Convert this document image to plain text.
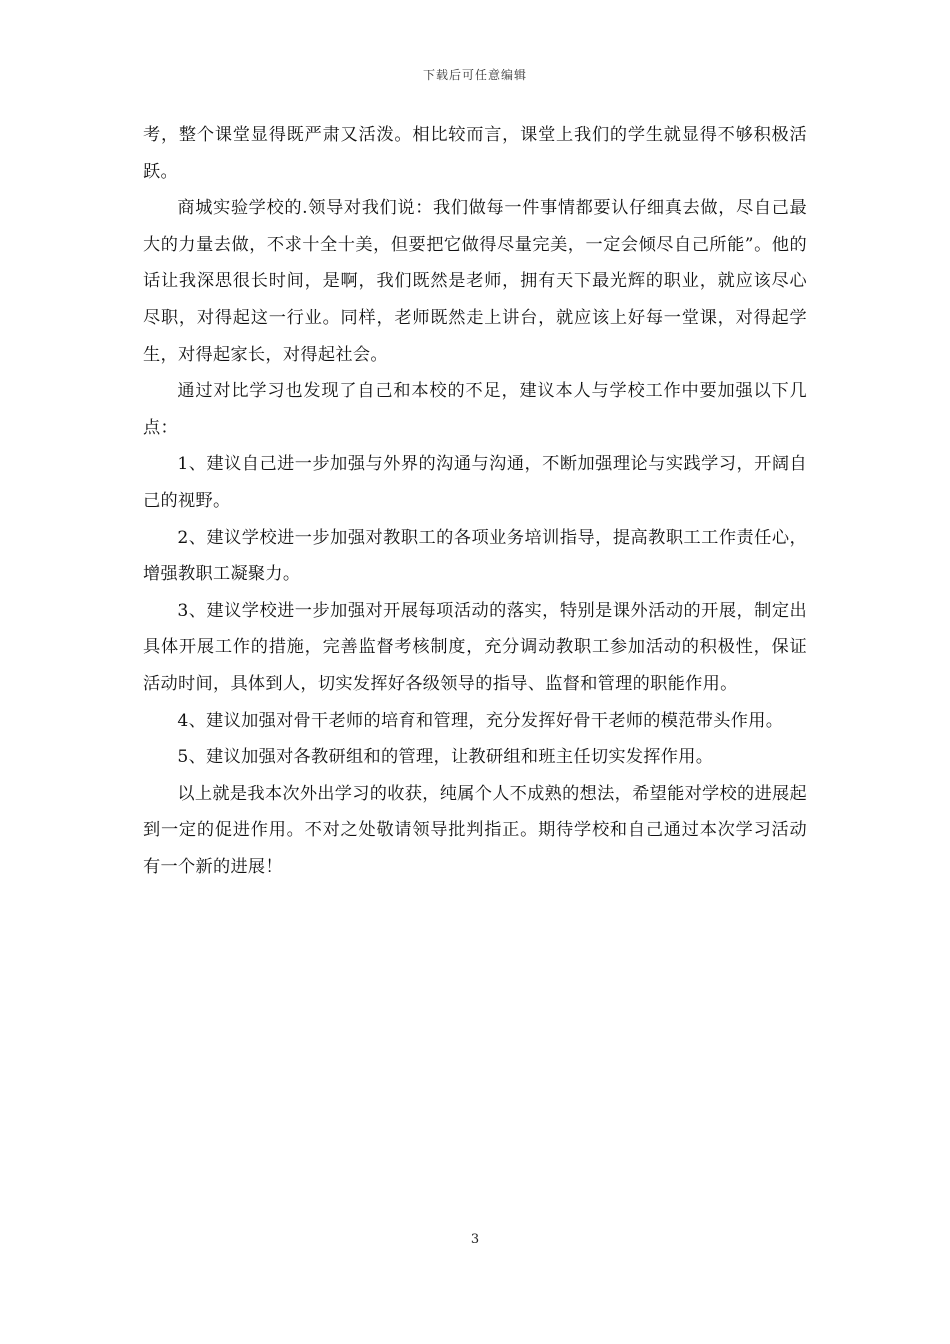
下载后可任意编辑

考，整个课堂显得既严肃又活泼。相比较而言，课堂上我们的学生就显得不够积极活跃。

商城实验学校的.领导对我们说：我们做每一件事情都要认仔细真去做，尽自己最大的力量去做，不求十全十美，但要把它做得尽量完美，一定会倾尽自己所能”。他的话让我深思很长时间，是啊，我们既然是老师，拥有天下最光辉的职业，就应该尽心尽职，对得起这一行业。同样，老师既然走上讲台，就应该上好每一堂课，对得起学生，对得起家长，对得起社会。

通过对比学习也发现了自己和本校的不足，建议本人与学校工作中要加强以下几点：

1、建议自己进一步加强与外界的沟通与沟通，不断加强理论与实践学习，开阔自己的视野。

2、建议学校进一步加强对教职工的各项业务培训指导，提高教职工工作责任心，增强教职工凝聚力。

3、建议学校进一步加强对开展每项活动的落实，特别是课外活动的开展，制定出具体开展工作的措施，完善监督考核制度，充分调动教职工参加活动的积极性，保证活动时间，具体到人，切实发挥好各级领导的指导、监督和管理的职能作用。

4、建议加强对骨干老师的培育和管理，充分发挥好骨干老师的模范带头作用。

5、建议加强对各教研组和的管理，让教研组和班主任切实发挥作用。

以上就是我本次外出学习的收获，纯属个人不成熟的想法，希望能对学校的进展起到一定的促进作用。不对之处敬请领导批判指正。期待学校和自己通过本次学习活动有一个新的进展！

3
